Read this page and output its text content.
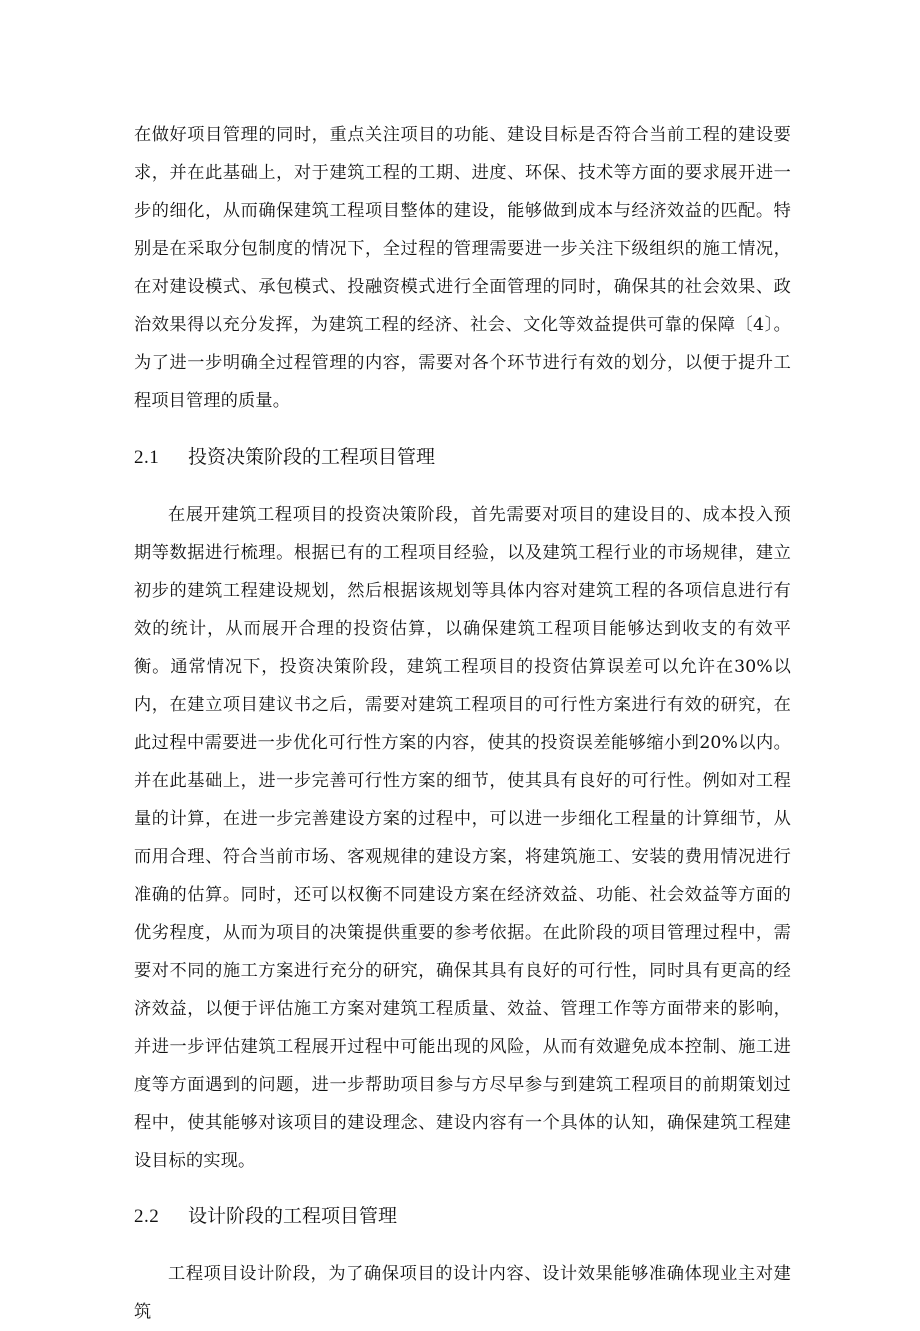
在做好项目管理的同时，重点关注项目的功能、建设目标是否符合当前工程的建设要求，并在此基础上，对于建筑工程的工期、进度、环保、技术等方面的要求展开进一步的细化，从而确保建筑工程项目整体的建设，能够做到成本与经济效益的匹配。特别是在采取分包制度的情况下，全过程的管理需要进一步关注下级组织的施工情况，在对建设模式、承包模式、投融资模式进行全面管理的同时，确保其的社会效果、政治效果得以充分发挥，为建筑工程的经济、社会、文化等效益提供可靠的保障〔4〕。为了进一步明确全过程管理的内容，需要对各个环节进行有效的划分，以便于提升工程项目管理的质量。

2.1 投资决策阶段的工程项目管理

在展开建筑工程项目的投资决策阶段，首先需要对项目的建设目的、成本投入预期等数据进行梳理。根据已有的工程项目经验，以及建筑工程行业的市场规律，建立初步的建筑工程建设规划，然后根据该规划等具体内容对建筑工程的各项信息进行有效的统计，从而展开合理的投资估算，以确保建筑工程项目能够达到收支的有效平衡。通常情况下，投资决策阶段，建筑工程项目的投资估算误差可以允许在30%以内，在建立项目建议书之后，需要对建筑工程项目的可行性方案进行有效的研究，在此过程中需要进一步优化可行性方案的内容，使其的投资误差能够缩小到20%以内。并在此基础上，进一步完善可行性方案的细节，使其具有良好的可行性。例如对工程量的计算，在进一步完善建设方案的过程中，可以进一步细化工程量的计算细节，从而用合理、符合当前市场、客观规律的建设方案，将建筑施工、安装的费用情况进行准确的估算。同时，还可以权衡不同建设方案在经济效益、功能、社会效益等方面的优劣程度，从而为项目的决策提供重要的参考依据。在此阶段的项目管理过程中，需要对不同的施工方案进行充分的研究，确保其具有良好的可行性，同时具有更高的经济效益，以便于评估施工方案对建筑工程质量、效益、管理工作等方面带来的影响，并进一步评估建筑工程展开过程中可能出现的风险，从而有效避免成本控制、施工进度等方面遇到的问题，进一步帮助项目参与方尽早参与到建筑工程项目的前期策划过程中，使其能够对该项目的建设理念、建设内容有一个具体的认知，确保建筑工程建设目标的实现。

2.2 设计阶段的工程项目管理

工程项目设计阶段，为了确保项目的设计内容、设计效果能够准确体现业主对建筑
